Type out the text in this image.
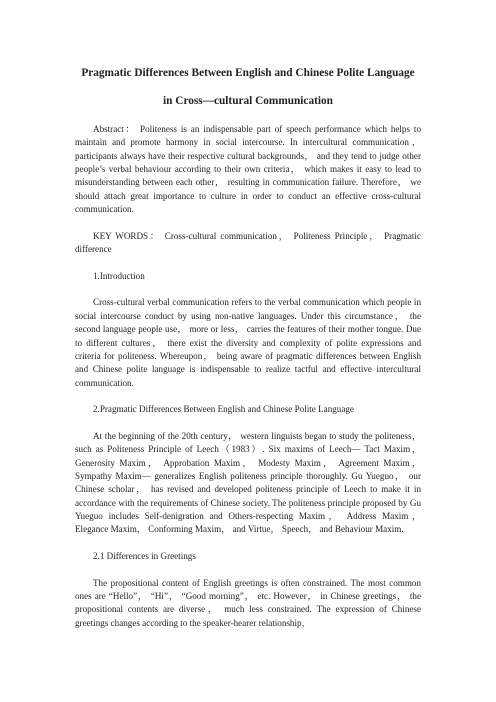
Pragmatic Differences Between English and Chinese Polite Language
in Cross—cultural Communication

Abstract： Politeness is an indispensable part of speech performance which helps to maintain and promote harmony in social intercourse. In intercultural communication， participants always have their respective cultural backgrounds， and they tend to judge other people’s verbal behaviour according to their own criteria， which makes it easy to lead to misunderstanding between each other， resulting in communication failure. Therefore， we should attach great importance to culture in order to conduct an effective cross-cultural communication.

KEY WORDS： Cross-cultural communication， Politeness Principle， Pragmatic difference

1.Introduction

Cross-cultural verbal communication refers to the verbal communication which people in social intercourse conduct by using non-native languages. Under this circumstance， the second language people use， more or less， carries the features of their mother tongue. Due to different cultures， there exist the diversity and complexity of polite expressions and criteria for politeness. Whereupon， being aware of pragmatic differences between English and Chinese polite language is indispensable to realize tactful and effective intercultural communication.

2.Pragmatic Differences Between English and Chinese Polite Language

At the beginning of the 20th century， western linguists began to study the politeness， such as Politeness Principle of Leech（1983）. Six maxims of Leech— Tact Maxim， Generosity Maxim， Approbation Maxim， Modesty Maxim， Agreement Maxim， Sympathy Maxim— generalizes English politeness principle thoroughly. Gu Yueguo， our Chinese scholar， has revised and developed politeness principle of Leech to make it in accordance with the requirements of Chinese society. The politeness principle proposed by Gu Yueguo includes Self-denigration and Others-respecting Maxim， Address Maxim， Elegance Maxim， Conforming Maxim， and Virtue， Speech， and Behaviour Maxim.

2.1 Differences in Greetings

The propositional content of English greetings is often constrained. The most common ones are “Hello”， “Hi”， “Good morning”， etc. However， in Chinese greetings， the propositional contents are diverse， much less constrained. The expression of Chinese greetings changes according to the speaker-hearer relationship，
